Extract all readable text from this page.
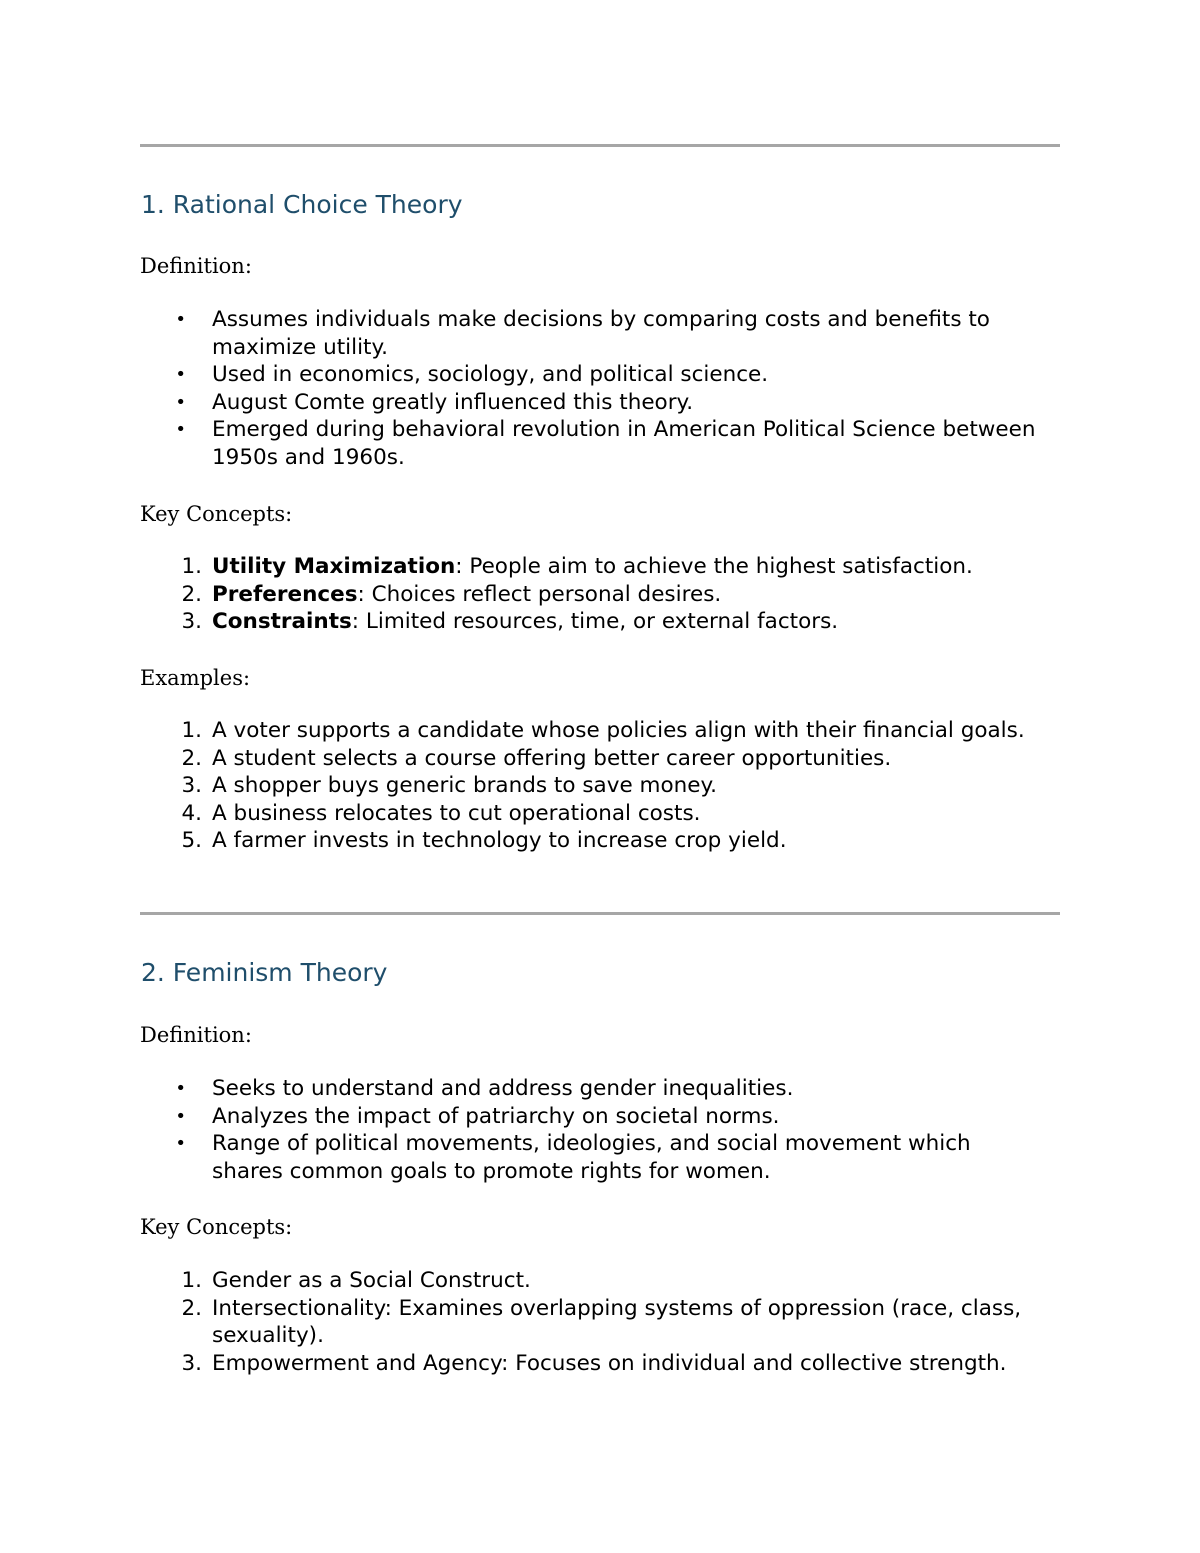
1. Rational Choice Theory

Definition:

• Assumes individuals make decisions by comparing costs and benefits to maximize utility.
• Used in economics, sociology, and political science.
• August Comte greatly influenced this theory.
• Emerged during behavioral revolution in American Political Science between 1950s and 1960s.

Key Concepts:

1. Utility Maximization: People aim to achieve the highest satisfaction.
2. Preferences: Choices reflect personal desires.
3. Constraints: Limited resources, time, or external factors.

Examples:

1. A voter supports a candidate whose policies align with their financial goals.
2. A student selects a course offering better career opportunities.
3. A shopper buys generic brands to save money.
4. A business relocates to cut operational costs.
5. A farmer invests in technology to increase crop yield.
2. Feminism Theory

Definition:

• Seeks to understand and address gender inequalities.
• Analyzes the impact of patriarchy on societal norms.
• Range of political movements, ideologies, and social movement which shares common goals to promote rights for women.

Key Concepts:

1. Gender as a Social Construct.
2. Intersectionality: Examines overlapping systems of oppression (race, class, sexuality).
3. Empowerment and Agency: Focuses on individual and collective strength.
